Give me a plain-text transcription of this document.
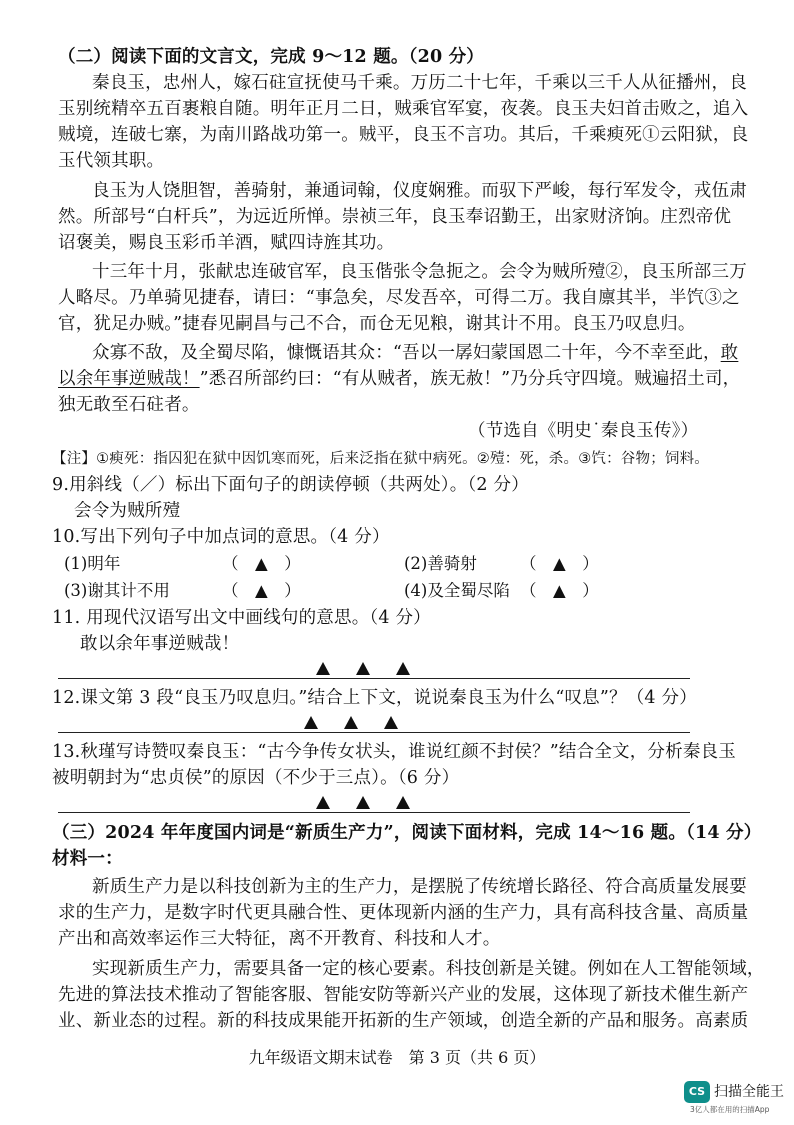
（二）阅读下面的文言文，完成 9～12 题。（20 分）
秦良玉，忠州人，嫁石砫宣抚使马千乘。万历二十七年，千乘以三千人从征播州，良
玉别统精卒五百裹粮自随。明年正月二日，贼乘官军宴，夜袭。良玉夫妇首击败之，追入
贼境，连破七寨，为南川路战功第一。贼平，良玉不言功。其后，千乘瘐死①云阳狱，良
玉代领其职。
良玉为人饶胆智，善骑射，兼通词翰，仪度娴雅。而驭下严峻，每行军发令，戎伍肃
然。所部号“白杆兵”，为远近所惮。崇祯三年，良玉奉诏勤王，出家财济饷。庄烈帝优
诏褒美，赐良玉彩币羊酒，赋四诗旌其功。
十三年十月，张献忠连破官军，良玉偕张令急扼之。会令为贼所殪②，良玉所部三万
人略尽。乃单骑见捷春，请曰：“事急矣，尽发吾卒，可得二万。我自廪其半，半饩③之
官，犹足办贼。”捷春见嗣昌与己不合，而仓无见粮，谢其计不用。良玉乃叹息归。
众寡不敌，及全蜀尽陷，慷慨语其众：“吾以一孱妇蒙国恩二十年，今不幸至此，敢
以余年事逆贼哉！”悉召所部约曰：“有从贼者，族无赦！”乃分兵守四境。贼遍招土司，
独无敢至石砫者。
（节选自《明史˙秦良玉传》）
【注】①瘐死：指囚犯在狱中因饥寒而死，后来泛指在狱中病死。②殪：死，杀。③饩：谷物；饲料。
9.用斜线（／）标出下面句子的朗读停顿（共两处）。（2 分）
会令为贼所殪
10.写出下列句子中加点词的意思。（4 分）
(1)明年	（　▲　）	(2)善骑射	（　▲　）
(3)谢其计不用	（　▲　）	(4)及全蜀尽陷 （　▲　）
11. 用现代汉语写出文中画线句的意思。（4 分）
敢以余年事逆贼哉！
12.课文第 3 段“良玉乃叹息归。”结合上下文，说说秦良玉为什么“叹息”？（4 分）
13.秋瑾写诗赞叹秦良玉：“古今争传女状头，谁说红颜不封侯？”结合全文，分析秦良玉
被明朝封为“忠贞侯”的原因（不少于三点）。（6 分）
（三）2024 年年度国内词是“新质生产力”，阅读下面材料，完成 14～16 题。（14 分）
材料一：
新质生产力是以科技创新为主的生产力，是摆脱了传统增长路径、符合高质量发展要
求的生产力，是数字时代更具融合性、更体现新内涵的生产力，具有高科技含量、高质量
产出和高效率运作三大特征，离不开教育、科技和人才。
实现新质生产力，需要具备一定的核心要素。科技创新是关键。例如在人工智能领域，
先进的算法技术推动了智能客服、智能安防等新兴产业的发展，这体现了新技术催生新产
业、新业态的过程。新的科技成果能开拓新的生产领域，创造全新的产品和服务。高素质
九年级语文期末试卷　第 3 页（共 6 页）
CS 扫描全能王
3亿人都在用的扫描App
